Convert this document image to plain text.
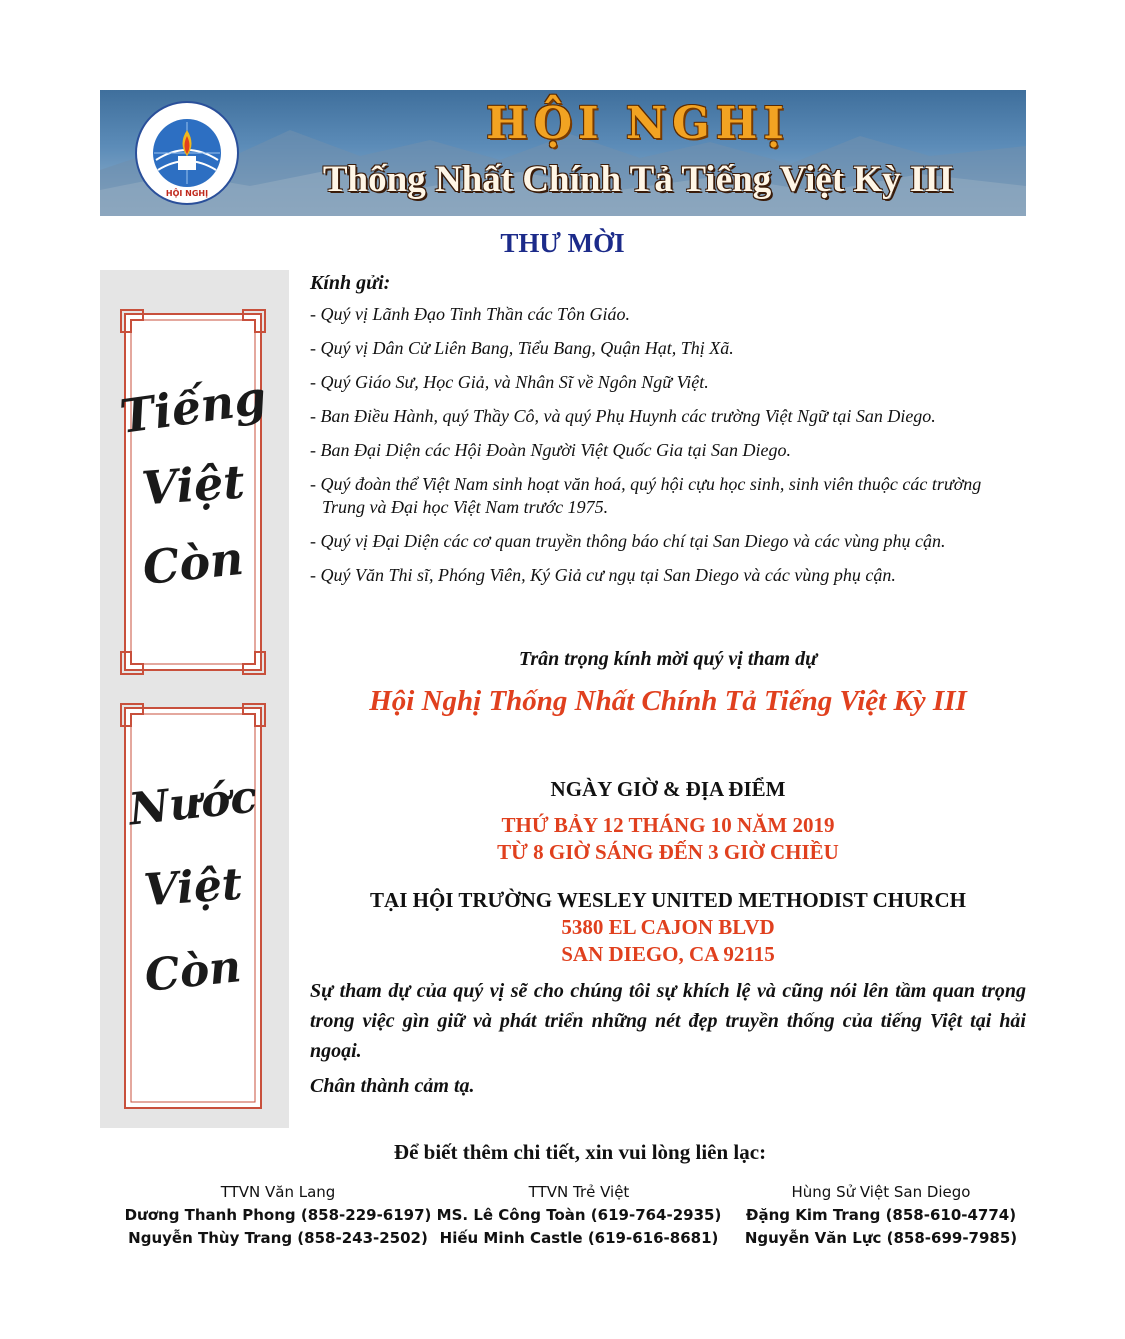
HỘI NGHỊ
HỘI NGHỊ
Thống Nhất Chính Tả Tiếng Việt Kỳ III
THƯ MỜI
Tiếng
Việt
Còn
Nước
Việt
Còn

Kính gửi:

- Quý vị Lãnh Đạo Tinh Thần các Tôn Giáo.
- Quý vị Dân Cử Liên Bang, Tiểu Bang, Quận Hạt, Thị Xã.
- Quý Giáo Sư, Học Giả, và Nhân Sĩ về Ngôn Ngữ Việt.
- Ban Điều Hành, quý Thầy Cô, và quý Phụ Huynh các trường Việt Ngữ tại San Diego.
- Ban Đại Diện các Hội Đoàn Người Việt Quốc Gia tại San Diego.
- Quý đoàn thể Việt Nam sinh hoạt văn hoá, quý hội cựu học sinh, sinh viên thuộc các trường Trung và Đại học Việt Nam trước 1975.
- Quý vị Đại Diện các cơ quan truyền thông báo chí tại San Diego và các vùng phụ cận.
- Quý Văn Thi sĩ, Phóng Viên, Ký Giả cư ngụ tại San Diego và các vùng phụ cận.
Trân trọng kính mời quý vị tham dự
Hội Nghị Thống Nhất Chính Tả Tiếng Việt Kỳ III
NGÀY GIỜ & ĐỊA ĐIỂM
THỨ BẢY 12 THÁNG 10 NĂM 2019
TỪ 8 GIỜ SÁNG ĐẾN 3 GIỜ CHIỀU
TẠI HỘI TRƯỜNG WESLEY UNITED METHODIST CHURCH
5380 EL CAJON BLVD
SAN DIEGO, CA 92115

Sự tham dự của quý vị sẽ cho chúng tôi sự khích lệ và cũng nói lên tầm quan trọng trong việc gìn giữ và phát triển những nét đẹp truyền thống của tiếng Việt tại hải ngoại.

Chân thành cảm tạ.

Để biết thêm chi tiết, xin vui lòng liên lạc:
TTVN Văn Lang
Dương Thanh Phong (858-229-6197)
Nguyễn Thùy Trang (858-243-2502)
TTVN Trẻ Việt
MS. Lê Công Toàn (619-764-2935)
Hiếu Minh Castle (619-616-8681)
Hùng Sử Việt San Diego
Đặng Kim Trang (858-610-4774)
Nguyễn Văn Lực (858-699-7985)
